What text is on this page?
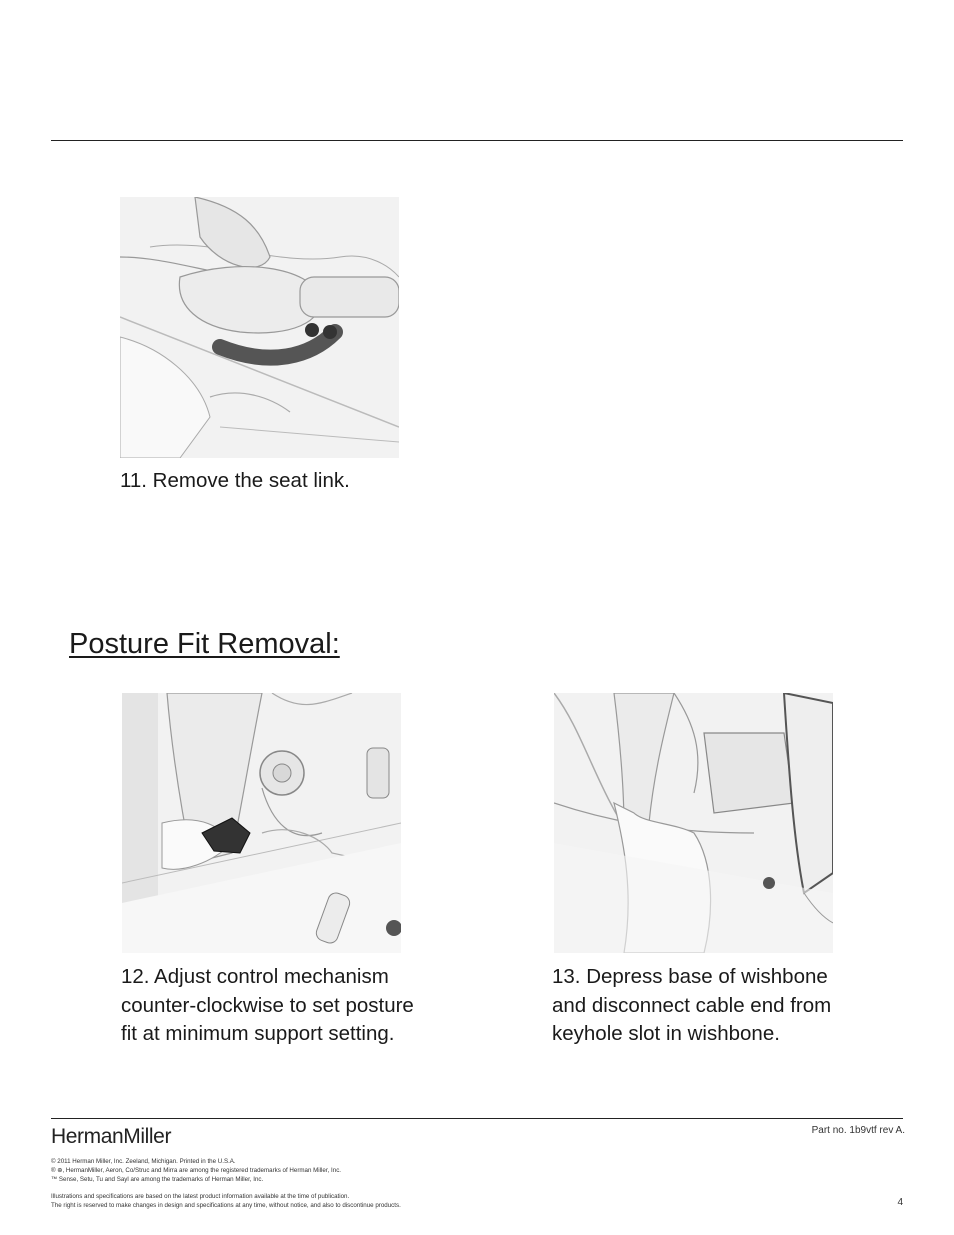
11. Remove the seat link.
Posture Fit Removal:
12. Adjust control mechanism counter-clockwise to set posture fit at minimum support setting.
13. Depress base of wishbone and disconnect cable end from keyhole slot in wishbone.
HermanMiller	Part no. 1b9vtf rev A.
© 2011 Herman Miller, Inc. Zeeland, Michigan. Printed in the U.S.A.
® ⊕, HermanMiller, Aeron, Co/Struc and Mirra are among the registered trademarks of Herman Miller, Inc.
™ Sense, Setu, Tu and Sayl are among the trademarks of Herman Miller, Inc.
Illustrations and specifications are based on the latest product information available at the time of publication.
The right is reserved to make changes in design and specifications at any time, without notice, and also to discontinue products.	4
